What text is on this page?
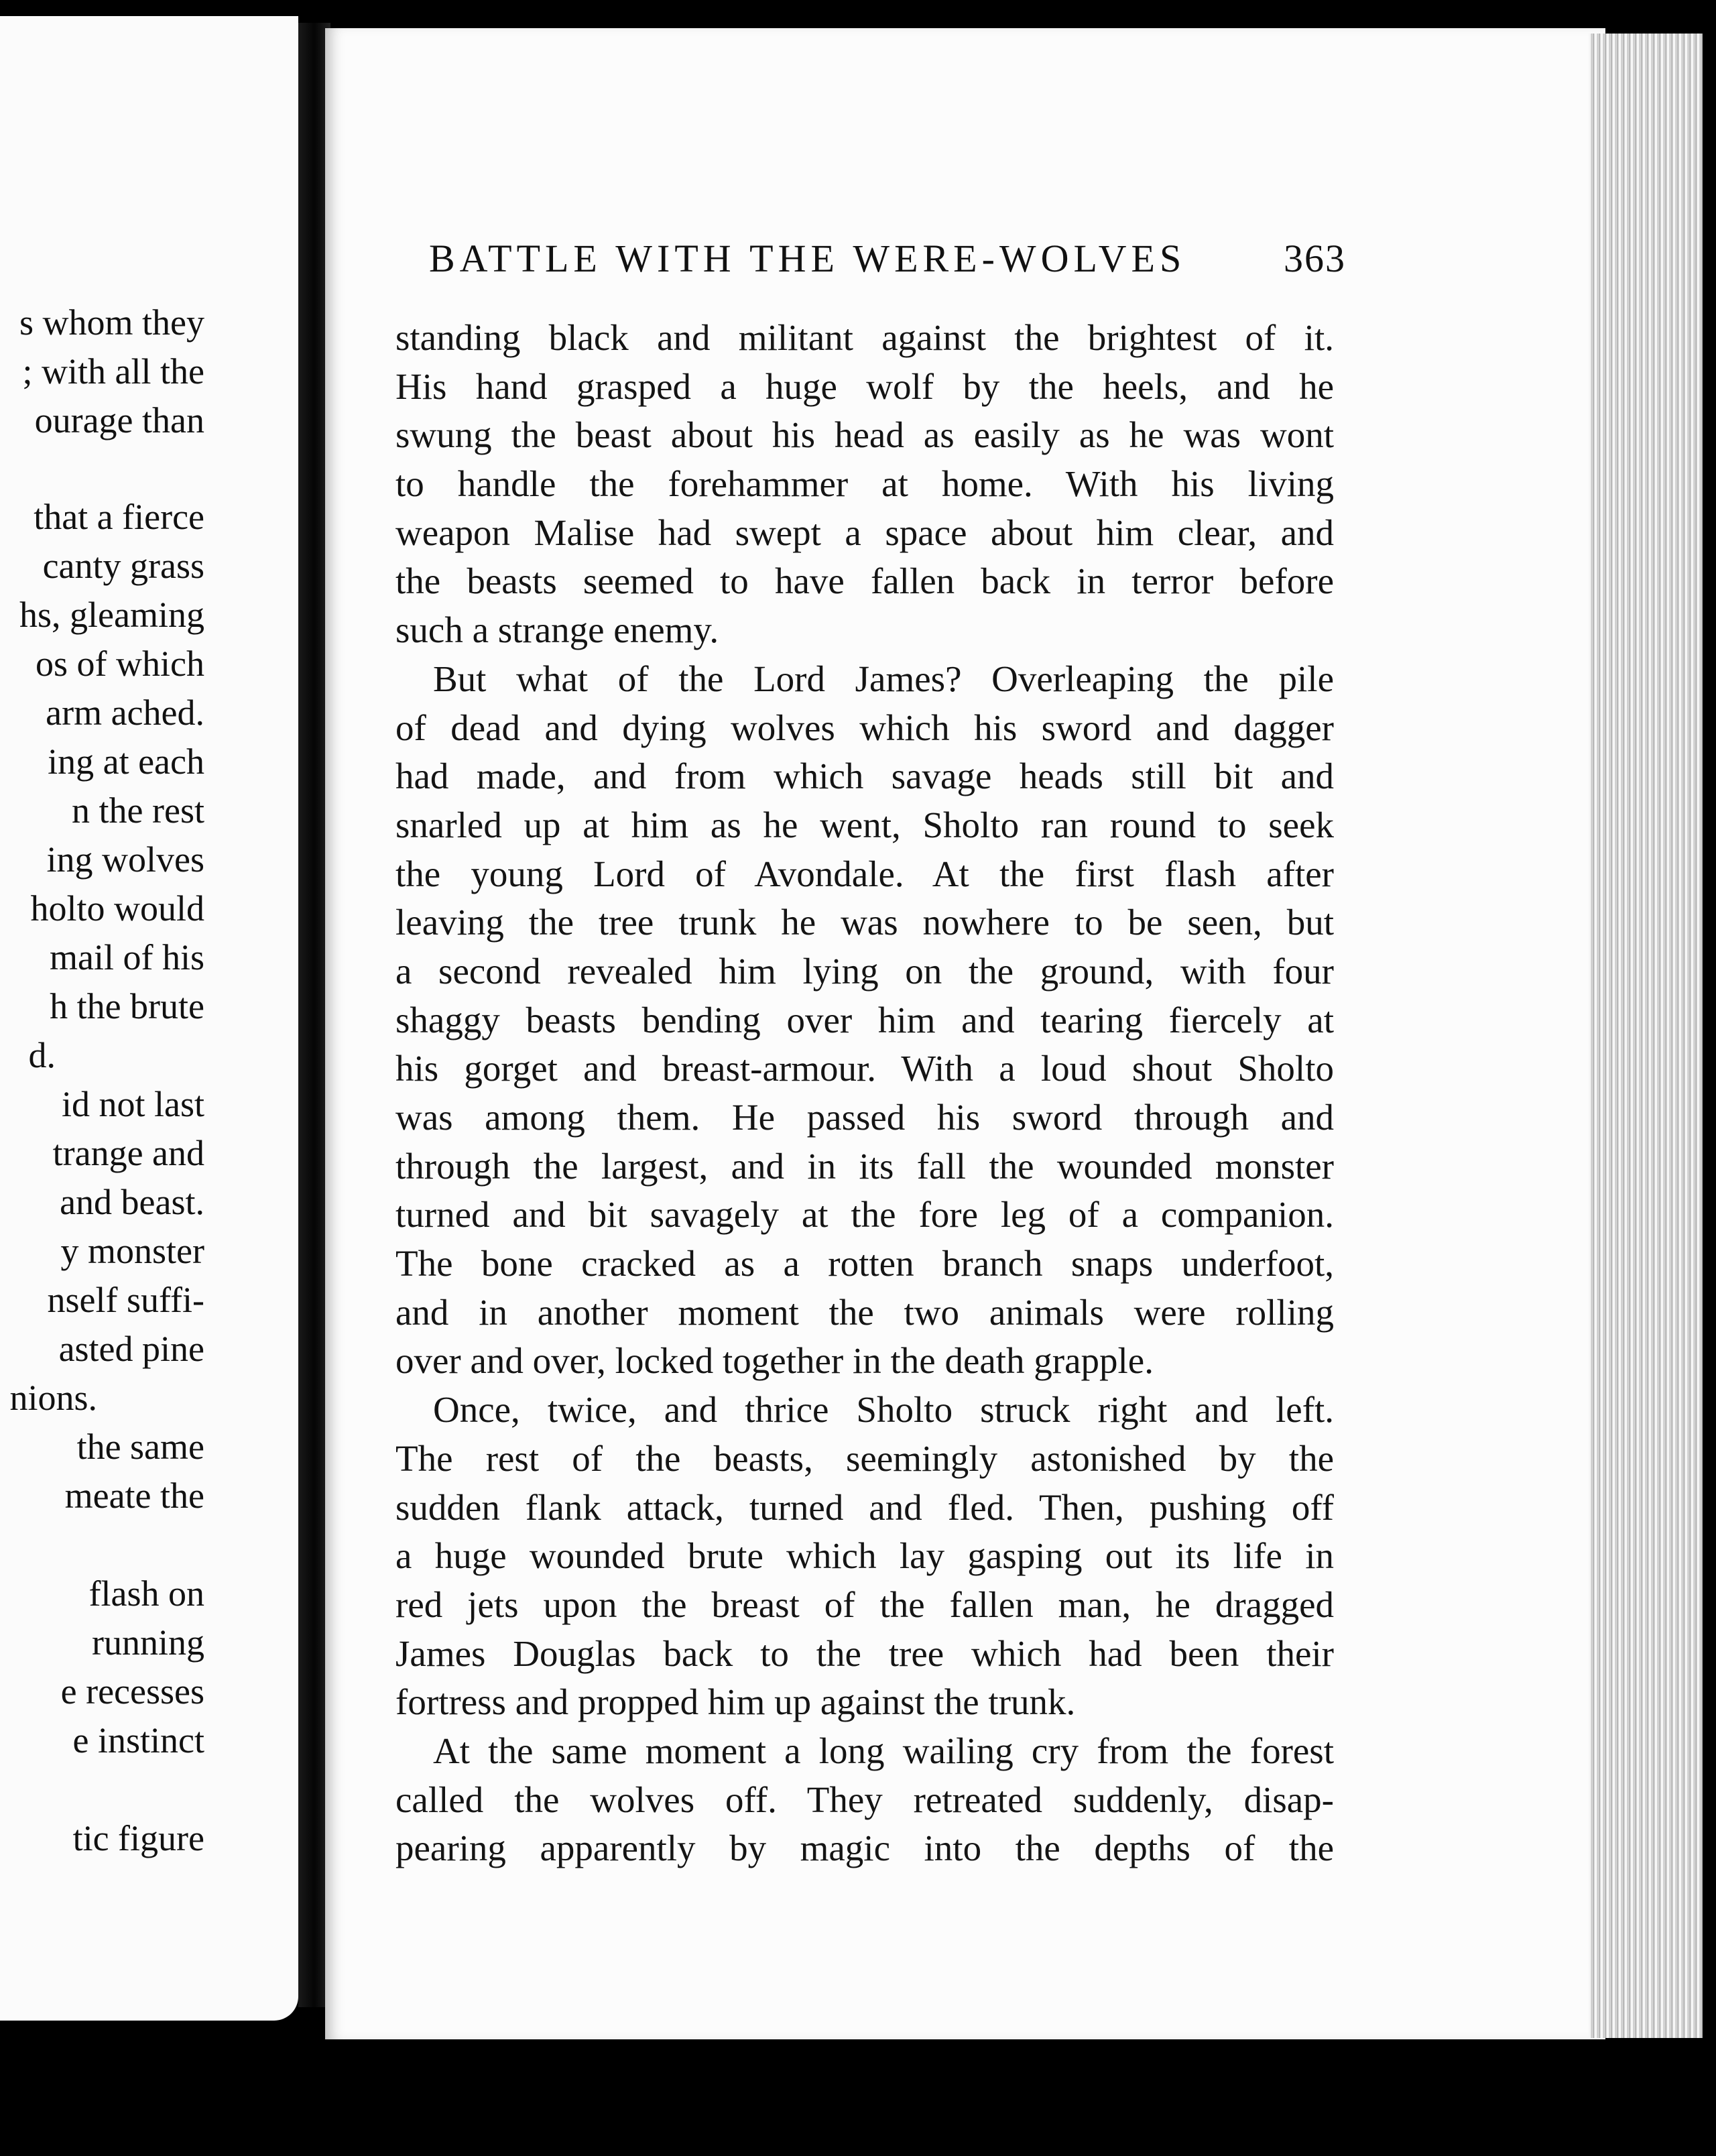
s whom they
; with all the
ourage than
that a fierce
canty grass
hs, gleaming
os of which
arm ached.
ing at each
n the rest
ing wolves
holto would
mail of his
h the brute
d.
id not last
trange and
and beast.
y monster
nself suffi-
asted pine
nions.
the same
meate the
flash on
running
e recesses
e instinct
tic figure
BATTLE WITH THE WERE-WOLVES	363
standing black and militant against the brightest of it.
His hand grasped a huge wolf by the heels, and he
swung the beast about his head as easily as he was wont
to handle the forehammer at home. With his living
weapon Malise had swept a space about him clear, and
the beasts seemed to have fallen back in terror before
such a strange enemy.
But what of the Lord James? Overleaping the pile
of dead and dying wolves which his sword and dagger
had made, and from which savage heads still bit and
snarled up at him as he went, Sholto ran round to seek
the young Lord of Avondale. At the first flash after
leaving the tree trunk he was nowhere to be seen, but
a second revealed him lying on the ground, with four
shaggy beasts bending over him and tearing fiercely at
his gorget and breast-armour. With a loud shout Sholto
was among them. He passed his sword through and
through the largest, and in its fall the wounded monster
turned and bit savagely at the fore leg of a companion.
The bone cracked as a rotten branch snaps underfoot,
and in another moment the two animals were rolling
over and over, locked together in the death grapple.
Once, twice, and thrice Sholto struck right and left.
The rest of the beasts, seemingly astonished by the
sudden flank attack, turned and fled. Then, pushing off
a huge wounded brute which lay gasping out its life in
red jets upon the breast of the fallen man, he dragged
James Douglas back to the tree which had been their
fortress and propped him up against the trunk.
At the same moment a long wailing cry from the forest
called the wolves off. They retreated suddenly, disap-
pearing apparently by magic into the depths of the
